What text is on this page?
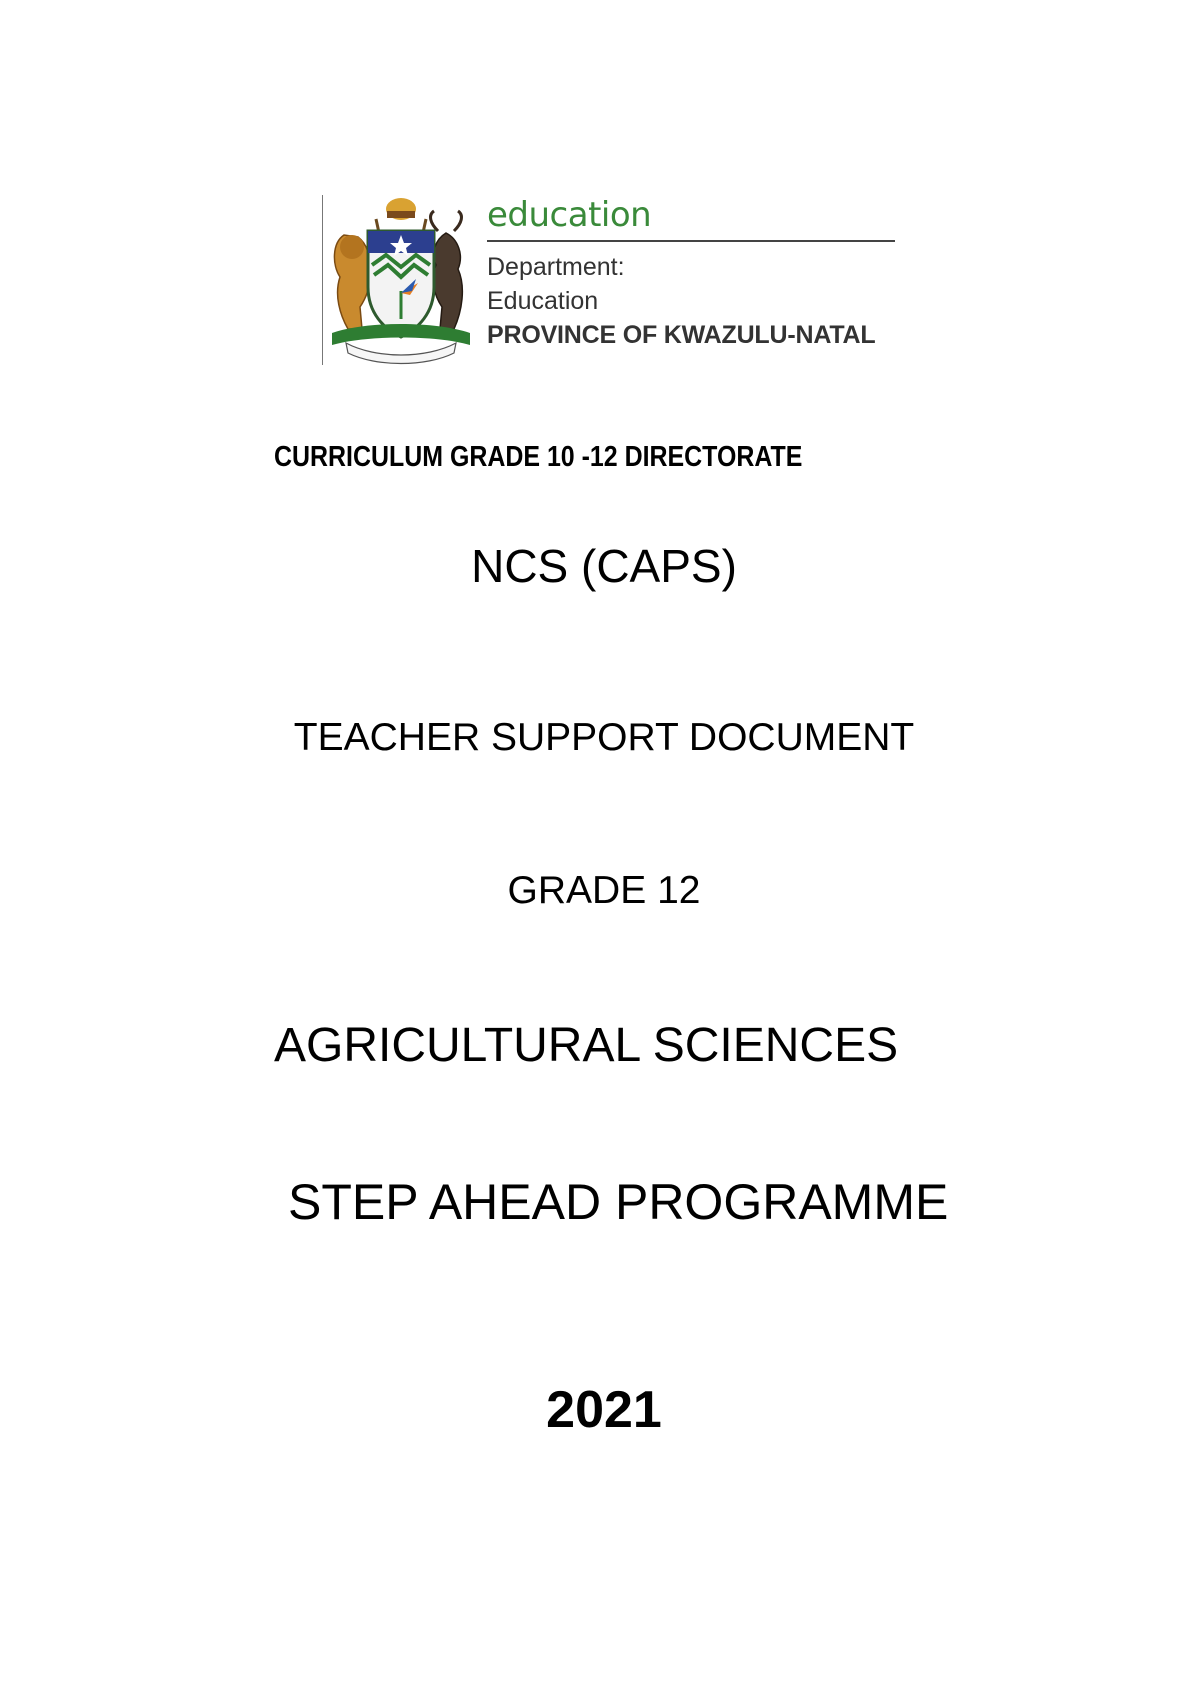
education

Department:
Education
PROVINCE OF KWAZULU-NATAL

CURRICULUM GRADE 10 -12 DIRECTORATE

NCS (CAPS)

TEACHER SUPPORT DOCUMENT

GRADE 12

AGRICULTURAL SCIENCES

STEP AHEAD PROGRAMME

2021
